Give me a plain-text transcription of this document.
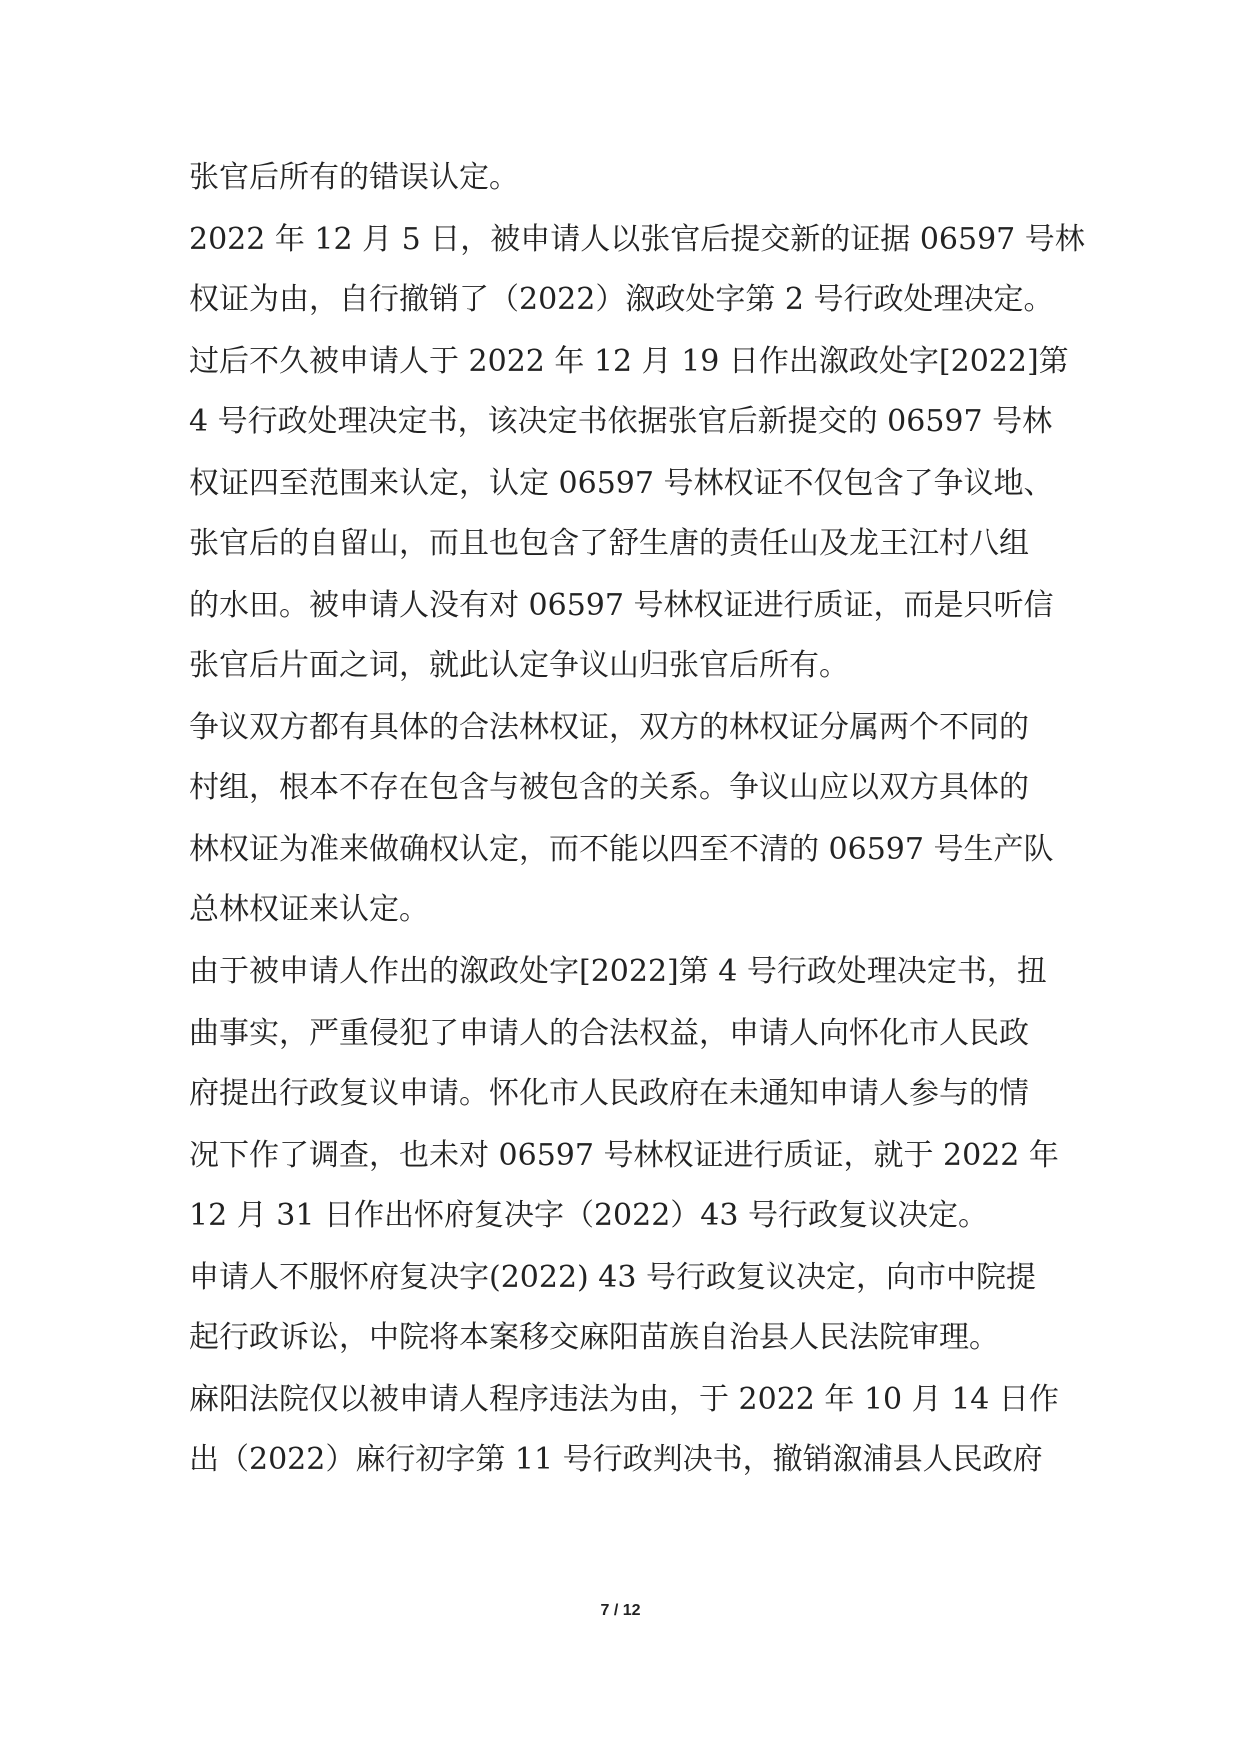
张官后所有的错误认定。
2022 年 12 月 5 日，被申请人以张官后提交新的证据 06597 号林
权证为由，自行撤销了（2022）溆政处字第 2 号行政处理决定。
过后不久被申请人于 2022 年 12 月 19 日作出溆政处字[2022]第
4 号行政处理决定书，该决定书依据张官后新提交的 06597 号林
权证四至范围来认定，认定 06597 号林权证不仅包含了争议地、
张官后的自留山，而且也包含了舒生唐的责任山及龙王江村八组
的水田。被申请人没有对 06597 号林权证进行质证，而是只听信
张官后片面之词，就此认定争议山归张官后所有。
争议双方都有具体的合法林权证，双方的林权证分属两个不同的
村组，根本不存在包含与被包含的关系。争议山应以双方具体的
林权证为准来做确权认定，而不能以四至不清的 06597 号生产队
总林权证来认定。
由于被申请人作出的溆政处字[2022]第 4 号行政处理决定书，扭
曲事实，严重侵犯了申请人的合法权益，申请人向怀化市人民政
府提出行政复议申请。怀化市人民政府在未通知申请人参与的情
况下作了调查，也未对 06597 号林权证进行质证，就于 2022 年
12 月 31 日作出怀府复决字（2022）43 号行政复议决定。
申请人不服怀府复决字(2022) 43 号行政复议决定，向市中院提
起行政诉讼，中院将本案移交麻阳苗族自治县人民法院审理。
麻阳法院仅以被申请人程序违法为由，于 2022 年 10 月 14 日作
出（2022）麻行初字第 11 号行政判决书，撤销溆浦县人民政府
7 / 12
